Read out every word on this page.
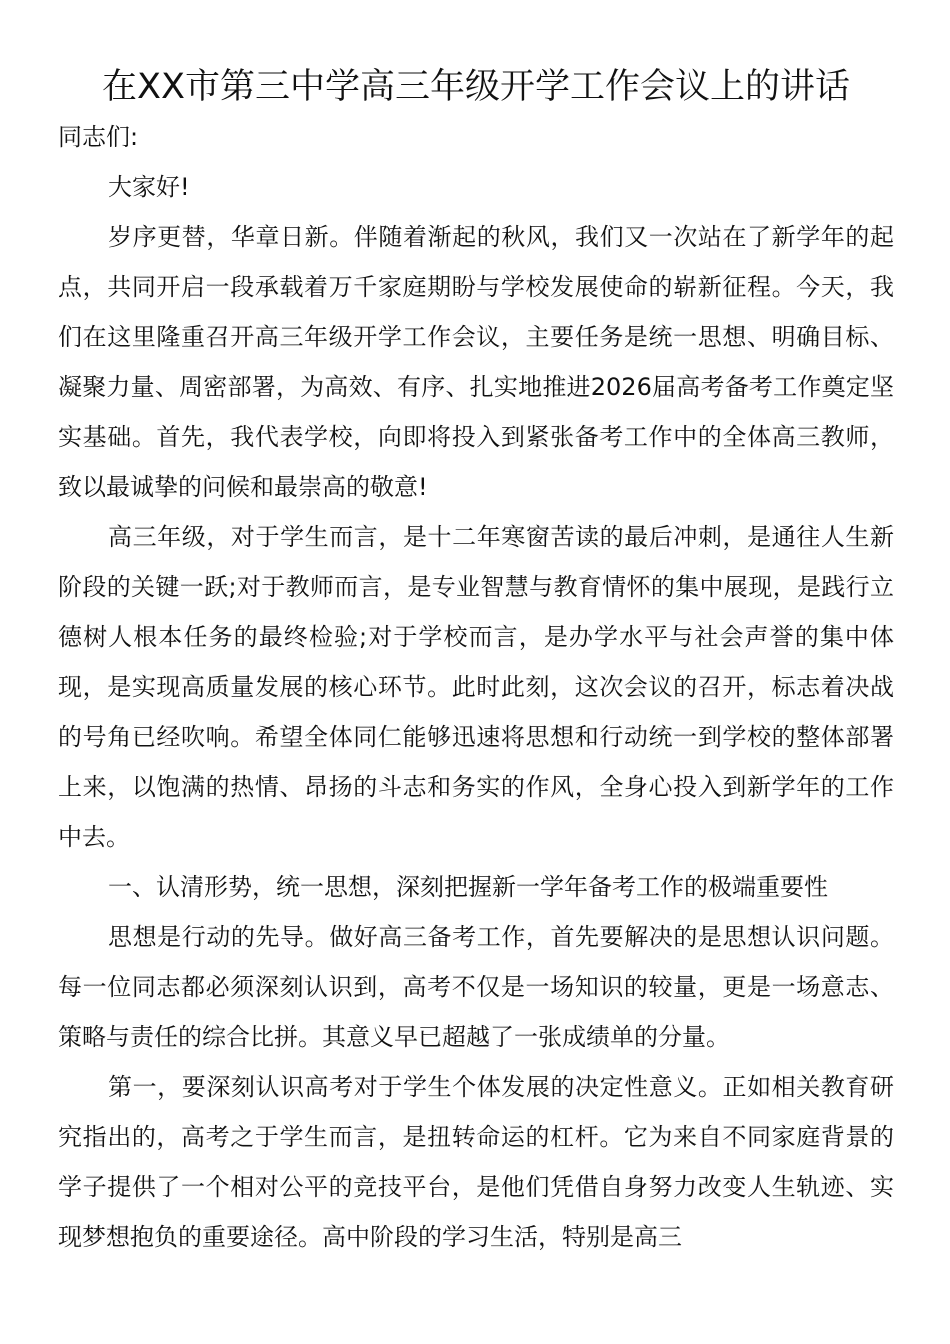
在XX市第三中学高三年级开学工作会议上的讲话

同志们:

大家好!

岁序更替，华章日新。伴随着渐起的秋风，我们又一次站在了新学年的起点，共同开启一段承载着万千家庭期盼与学校发展使命的崭新征程。今天，我们在这里隆重召开高三年级开学工作会议，主要任务是统一思想、明确目标、凝聚力量、周密部署，为高效、有序、扎实地推进2026届高考备考工作奠定坚实基础。首先，我代表学校，向即将投入到紧张备考工作中的全体高三教师，致以最诚挚的问候和最崇高的敬意!

高三年级，对于学生而言，是十二年寒窗苦读的最后冲刺，是通往人生新阶段的关键一跃;对于教师而言，是专业智慧与教育情怀的集中展现，是践行立德树人根本任务的最终检验;对于学校而言，是办学水平与社会声誉的集中体现，是实现高质量发展的核心环节。此时此刻，这次会议的召开，标志着决战的号角已经吹响。希望全体同仁能够迅速将思想和行动统一到学校的整体部署上来，以饱满的热情、昂扬的斗志和务实的作风，全身心投入到新学年的工作中去。

一、认清形势，统一思想，深刻把握新一学年备考工作的极端重要性

思想是行动的先导。做好高三备考工作，首先要解决的是思想认识问题。每一位同志都必须深刻认识到，高考不仅是一场知识的较量，更是一场意志、策略与责任的综合比拼。其意义早已超越了一张成绩单的分量。

第一，要深刻认识高考对于学生个体发展的决定性意义。正如相关教育研究指出的，高考之于学生而言，是扭转命运的杠杆。它为来自不同家庭背景的学子提供了一个相对公平的竞技平台，是他们凭借自身努力改变人生轨迹、实现梦想抱负的重要途径。高中阶段的学习生活，特别是高三
